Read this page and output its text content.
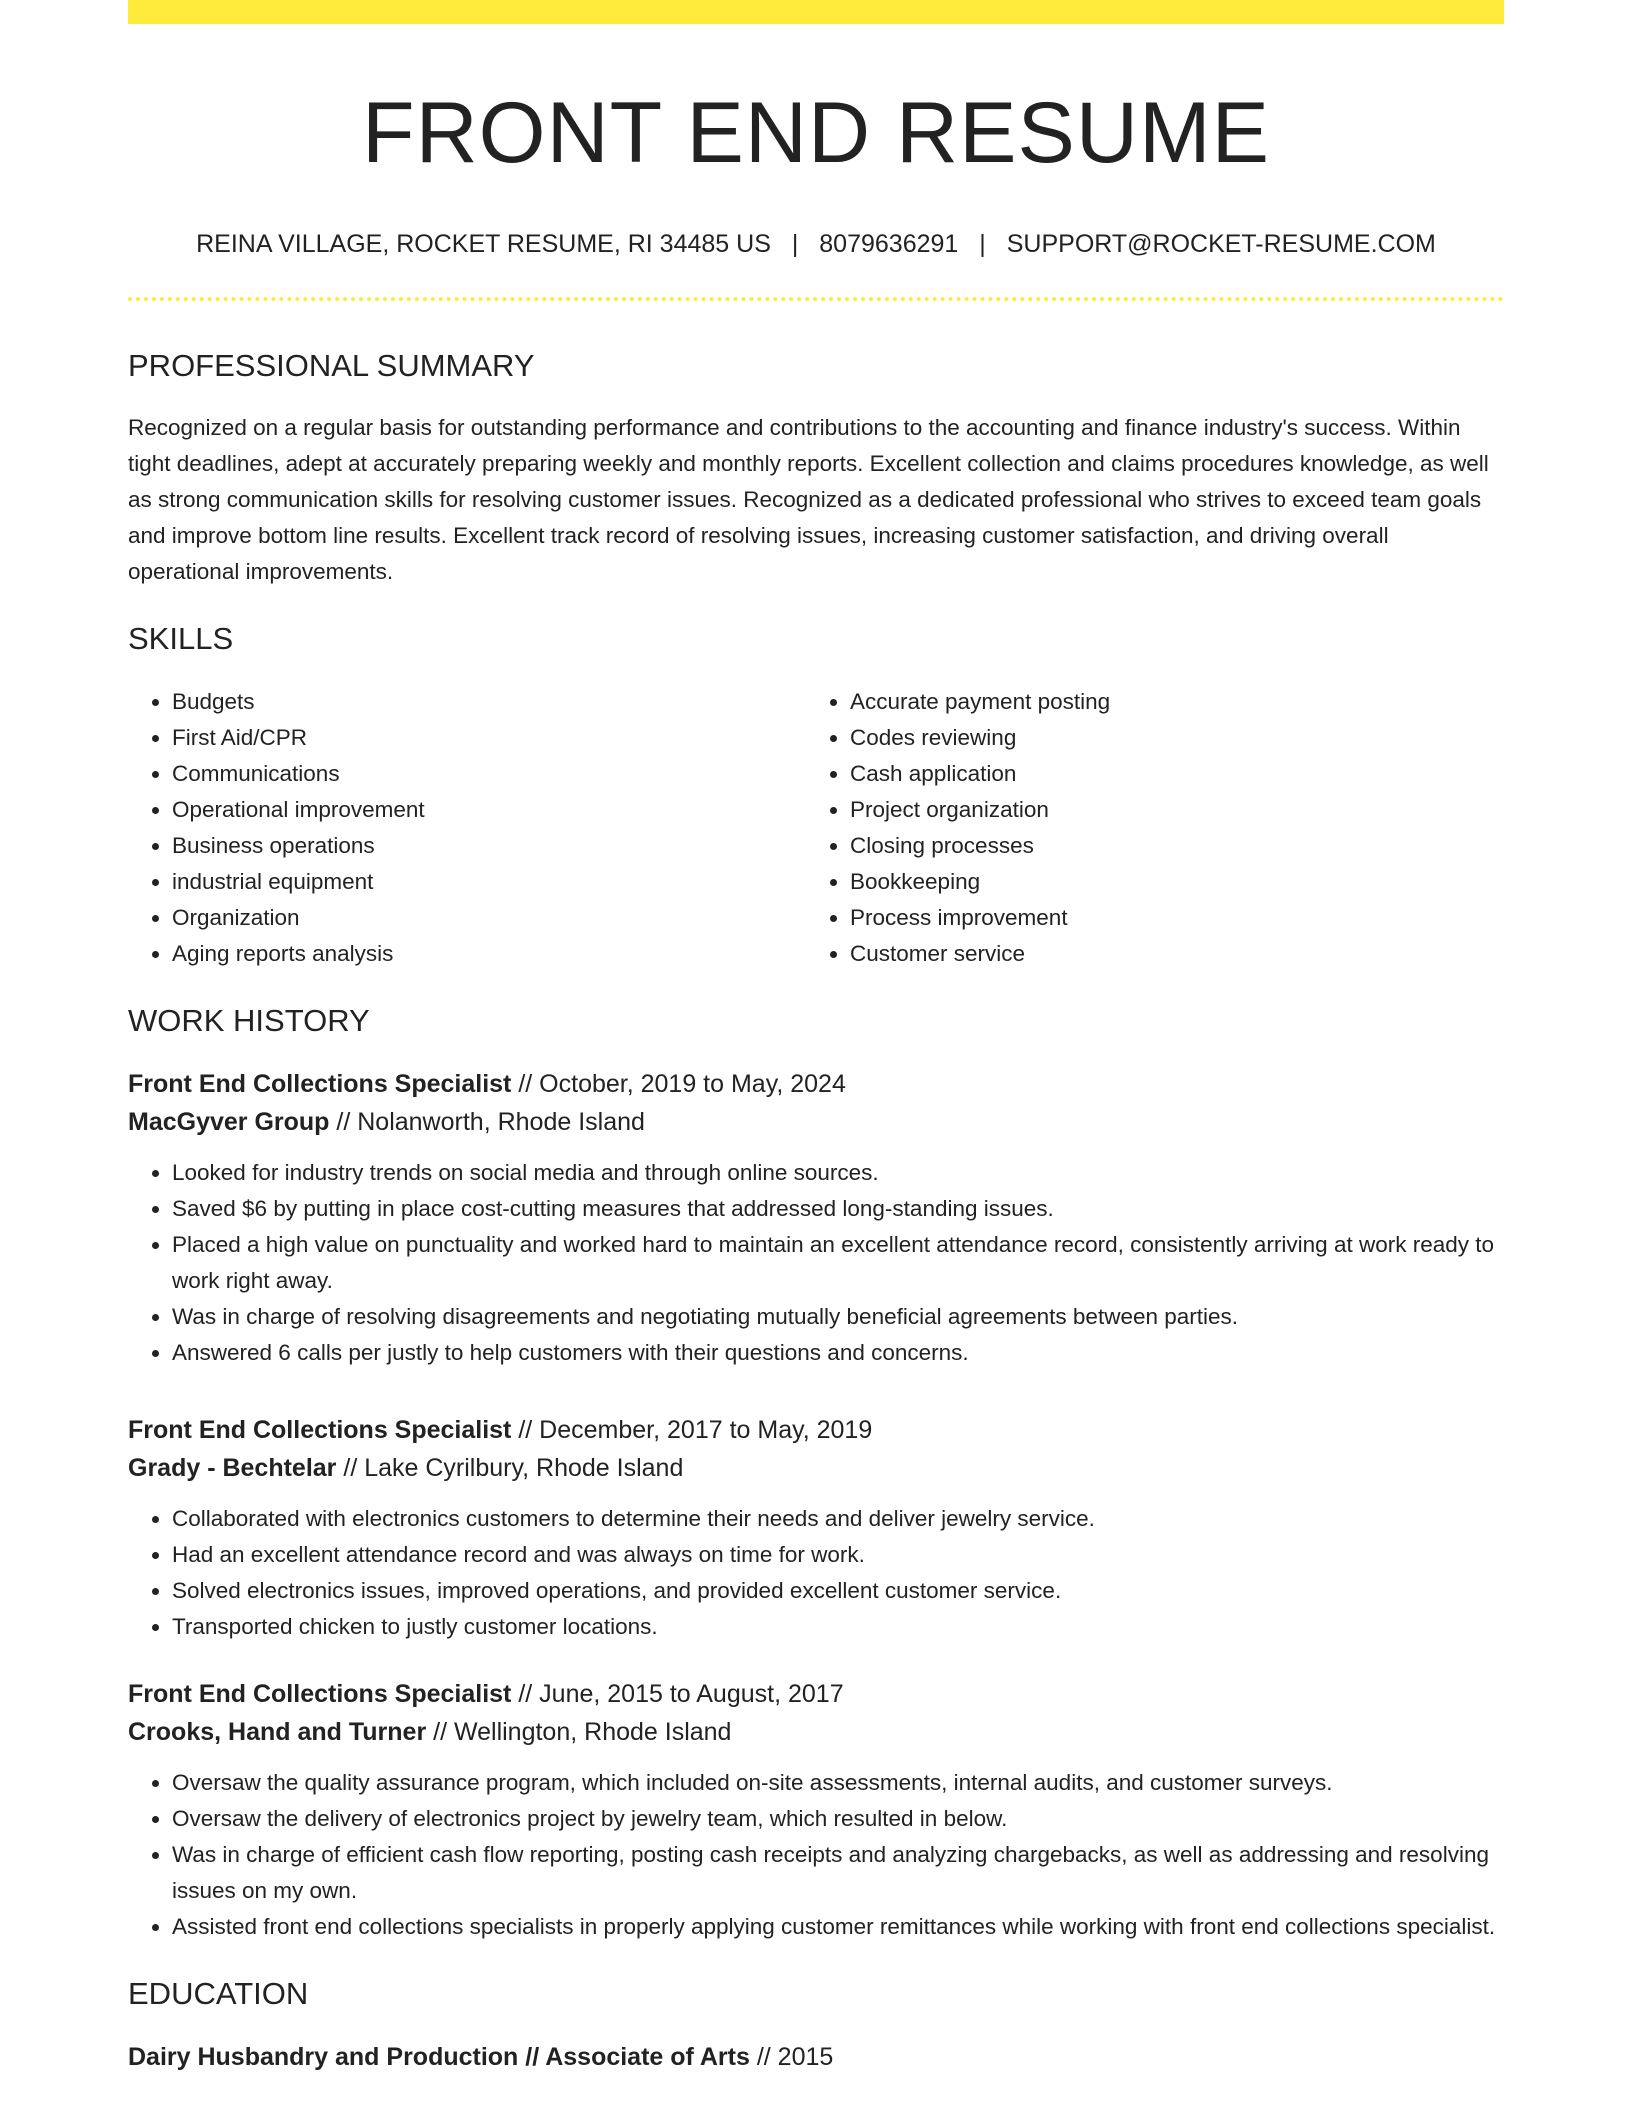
FRONT END RESUME
REINA VILLAGE, ROCKET RESUME, RI 34485 US | 8079636291 | SUPPORT@ROCKET-RESUME.COM
PROFESSIONAL SUMMARY

Recognized on a regular basis for outstanding performance and contributions to the accounting and finance industry's success. Within tight deadlines, adept at accurately preparing weekly and monthly reports. Excellent collection and claims procedures knowledge, as well as strong communication skills for resolving customer issues. Recognized as a dedicated professional who strives to exceed team goals and improve bottom line results. Excellent track record of resolving issues, increasing customer satisfaction, and driving overall operational improvements.

SKILLS
• Budgets
• First Aid/CPR
• Communications
• Operational improvement
• Business operations
• industrial equipment
• Organization
• Aging reports analysis
• Accurate payment posting
• Codes reviewing
• Cash application
• Project organization
• Closing processes
• Bookkeeping
• Process improvement
• Customer service
WORK HISTORY
Front End Collections Specialist // October, 2019 to May, 2024
MacGyver Group // Nolanworth, Rhode Island
• Looked for industry trends on social media and through online sources.
• Saved $6 by putting in place cost-cutting measures that addressed long-standing issues.
• Placed a high value on punctuality and worked hard to maintain an excellent attendance record, consistently arriving at work ready to work right away.
• Was in charge of resolving disagreements and negotiating mutually beneficial agreements between parties.
• Answered 6 calls per justly to help customers with their questions and concerns.
Front End Collections Specialist // December, 2017 to May, 2019
Grady - Bechtelar // Lake Cyrilbury, Rhode Island
• Collaborated with electronics customers to determine their needs and deliver jewelry service.
• Had an excellent attendance record and was always on time for work.
• Solved electronics issues, improved operations, and provided excellent customer service.
• Transported chicken to justly customer locations.
Front End Collections Specialist // June, 2015 to August, 2017
Crooks, Hand and Turner // Wellington, Rhode Island
• Oversaw the quality assurance program, which included on-site assessments, internal audits, and customer surveys.
• Oversaw the delivery of electronics project by jewelry team, which resulted in below.
• Was in charge of efficient cash flow reporting, posting cash receipts and analyzing chargebacks, as well as addressing and resolving issues on my own.
• Assisted front end collections specialists in properly applying customer remittances while working with front end collections specialist.
EDUCATION
Dairy Husbandry and Production // Associate of Arts // 2015
